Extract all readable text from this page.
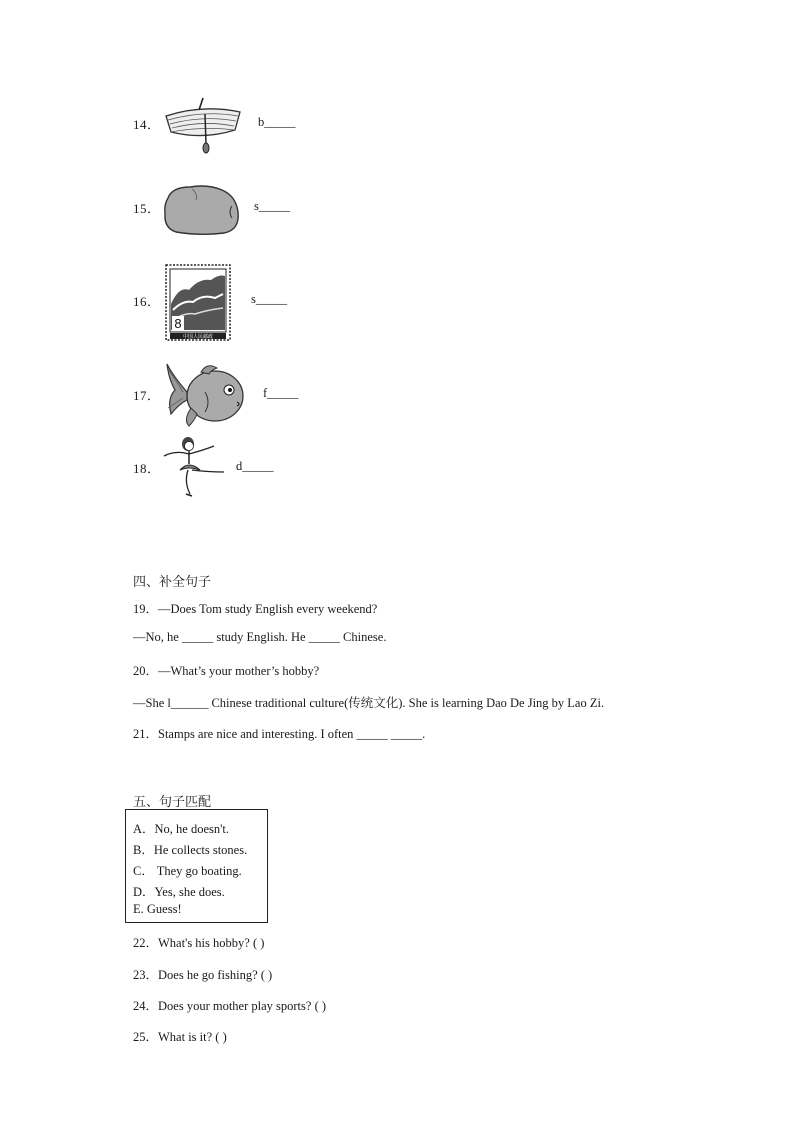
14．	b_____
15．	s_____
16．
8
中国人民邮政
s_____
17．	f_____
18．	d_____
四、补全句子
19．—Does Tom study English every weekend?
—No, he _____ study English. He _____ Chinese.
20．—What’s your mother’s hobby?
—She l______ Chinese traditional culture(传统文化). She is learning Dao De Jing by Lao Zi.
21．Stamps are nice and interesting. I often _____ _____.
五、句子匹配
A．No, he doesn't.
B．He collects stones.
C． They go boating.
D．Yes, she does.
E. Guess!
22．What's his hobby? ( )
23．Does he go fishing? ( )
24．Does your mother play sports? ( )
25．What is it? ( )
